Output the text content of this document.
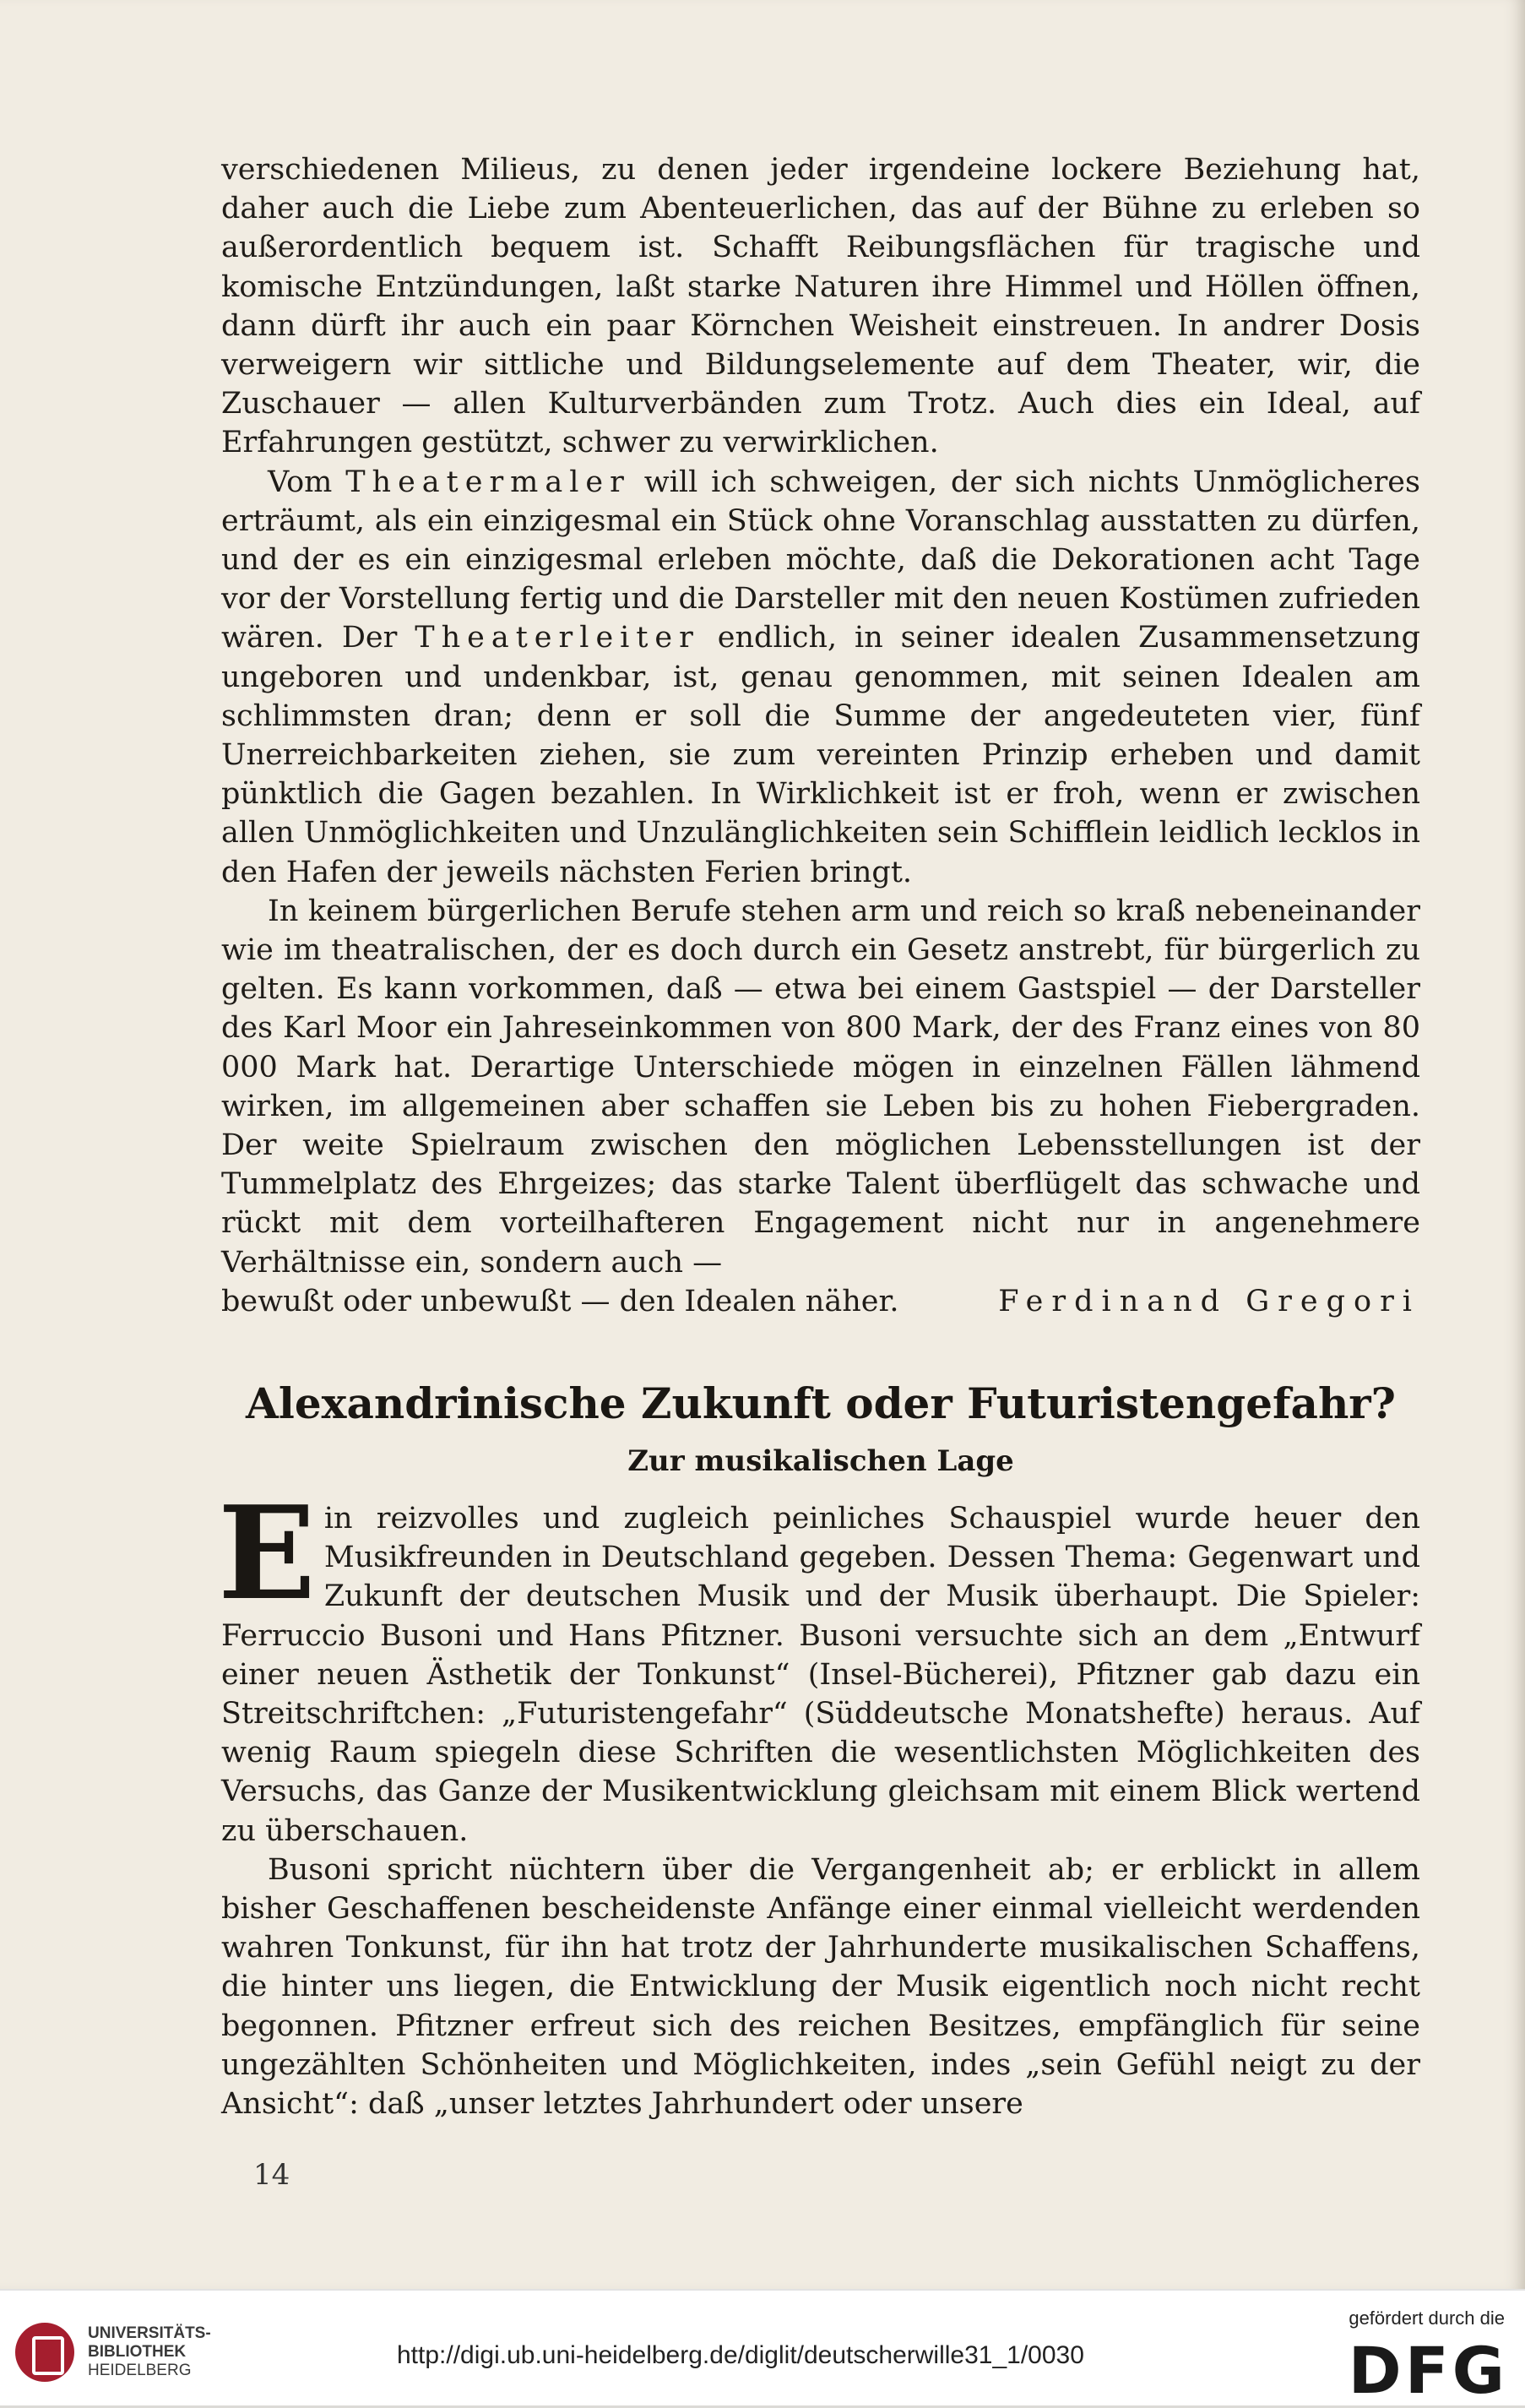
verschiedenen Milieus, zu denen jeder irgendeine lockere Beziehung hat, daher auch die Liebe zum Abenteuerlichen, das auf der Bühne zu erleben so außerordentlich bequem ist. Schafft Reibungsflächen für tragische und komische Entzündungen, laßt starke Naturen ihre Himmel und Höllen öffnen, dann dürft ihr auch ein paar Körnchen Weisheit einstreuen. In andrer Dosis verweigern wir sittliche und Bildungselemente auf dem Theater, wir, die Zuschauer — allen Kulturverbänden zum Trotz. Auch dies ein Ideal, auf Erfahrungen gestützt, schwer zu verwirklichen.

Vom Theatermaler will ich schweigen, der sich nichts Unmöglicheres erträumt, als ein einzigesmal ein Stück ohne Voranschlag ausstatten zu dürfen, und der es ein einzigesmal erleben möchte, daß die Dekorationen acht Tage vor der Vorstellung fertig und die Darsteller mit den neuen Kostümen zufrieden wären. Der Theaterleiter endlich, in seiner idealen Zusammensetzung ungeboren und undenkbar, ist, genau genommen, mit seinen Idealen am schlimmsten dran; denn er soll die Summe der angedeuteten vier, fünf Unerreichbarkeiten ziehen, sie zum vereinten Prinzip erheben und damit pünktlich die Gagen bezahlen. In Wirklichkeit ist er froh, wenn er zwischen allen Unmöglichkeiten und Unzulänglichkeiten sein Schifflein leidlich lecklos in den Hafen der jeweils nächsten Ferien bringt.

In keinem bürgerlichen Berufe stehen arm und reich so kraß nebeneinander wie im theatralischen, der es doch durch ein Gesetz anstrebt, für bürgerlich zu gelten. Es kann vorkommen, daß — etwa bei einem Gastspiel — der Darsteller des Karl Moor ein Jahreseinkommen von 800 Mark, der des Franz eines von 80 000 Mark hat. Derartige Unterschiede mögen in einzelnen Fällen lähmend wirken, im allgemeinen aber schaffen sie Leben bis zu hohen Fiebergraden. Der weite Spielraum zwischen den möglichen Lebensstellungen ist der Tummelplatz des Ehrgeizes; das starke Talent überflügelt das schwache und rückt mit dem vorteilhafteren Engagement nicht nur in angenehmere Verhältnisse ein, sondern auch —

bewußt oder unbewußt — den Idealen näher.	Ferdinand Gregori
Alexandrinische Zukunft oder Futuristengefahr?
Zur musikalischen Lage

Ein reizvolles und zugleich peinliches Schauspiel wurde heuer den Musikfreunden in Deutschland gegeben. Dessen Thema: Gegenwart und Zukunft der deutschen Musik und der Musik überhaupt. Die Spieler: Ferruccio Busoni und Hans Pfitzner. Busoni versuchte sich an dem „Entwurf einer neuen Ästhetik der Tonkunst“ (Insel-Bücherei), Pfitzner gab dazu ein Streitschriftchen: „Futuristengefahr“ (Süddeutsche Monatshefte) heraus. Auf wenig Raum spiegeln diese Schriften die wesentlichsten Möglichkeiten des Versuchs, das Ganze der Musikentwicklung gleichsam mit einem Blick wertend zu überschauen.

Busoni spricht nüchtern über die Vergangenheit ab; er erblickt in allem bisher Geschaffenen bescheidenste Anfänge einer einmal vielleicht werdenden wahren Tonkunst, für ihn hat trotz der Jahrhunderte musikalischen Schaffens, die hinter uns liegen, die Entwicklung der Musik eigentlich noch nicht recht begonnen. Pfitzner erfreut sich des reichen Besitzes, empfänglich für seine ungezählten Schönheiten und Möglichkeiten, indes „sein Gefühl neigt zu der Ansicht“: daß „unser letztes Jahrhundert oder unsere

14
UNIVERSITÄTS-
BIBLIOTHEK
HEIDELBERG
http://digi.ub.uni-heidelberg.de/diglit/deutscherwille31_1/0030
gefördert durch die
DFG
